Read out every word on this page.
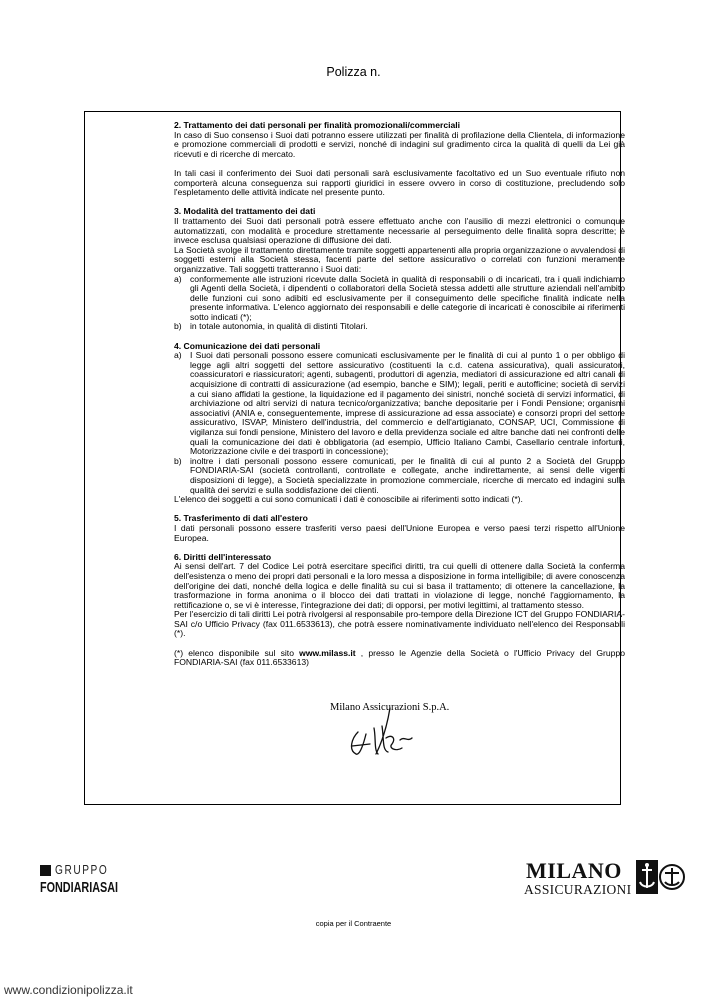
Polizza n.
2. Trattamento dei dati personali per finalità promozionali/commerciali
In caso di Suo consenso i Suoi dati potranno essere utilizzati per finalità di profilazione della Clientela, di informazione e promozione commerciali di prodotti e servizi, nonché di indagini sul gradimento circa la qualità di quelli da Lei già ricevuti e di ricerche di mercato.
In tali casi il conferimento dei Suoi dati personali sarà esclusivamente facoltativo ed un Suo eventuale rifiuto non comporterà alcuna conseguenza sui rapporti giuridici in essere ovvero in corso di costituzione, precludendo solo l'espletamento delle attività indicate nel presente punto.
3. Modalità del trattamento dei dati
Il trattamento dei Suoi dati personali potrà essere effettuato anche con l'ausilio di mezzi elettronici o comunque automatizzati, con modalità e procedure strettamente necessarie al perseguimento delle finalità sopra descritte; è invece esclusa qualsiasi operazione di diffusione dei dati.
La Società svolge il trattamento direttamente tramite soggetti appartenenti alla propria organizzazione o avvalendosi di soggetti esterni alla Società stessa, facenti parte del settore assicurativo o correlati con funzioni meramente organizzative. Tali soggetti tratteranno i Suoi dati:
a) conformemente alle istruzioni ricevute dalla Società in qualità di responsabili o di incaricati, tra i quali indichiamo gli Agenti della Società, i dipendenti o collaboratori della Società stessa addetti alle strutture aziendali nell'ambito delle funzioni cui sono adibiti ed esclusivamente per il conseguimento delle specifiche finalità indicate nella presente informativa. L'elenco aggiornato dei responsabili e delle categorie di incaricati è conoscibile ai riferimenti sotto indicati (*);
b) in totale autonomia, in qualità di distinti Titolari.
4. Comunicazione dei dati personali
a) I Suoi dati personali possono essere comunicati esclusivamente per le finalità di cui al punto 1 o per obbligo di legge agli altri soggetti del settore assicurativo (costituenti la c.d. catena assicurativa), quali assicuratori, coassicuratori e riassicuratori; agenti, subagenti, produttori di agenzia, mediatori di assicurazione ed altri canali di acquisizione di contratti di assicurazione (ad esempio, banche e SIM); legali, periti e autofficine; società di servizi a cui siano affidati la gestione, la liquidazione ed il pagamento dei sinistri, nonché società di servizi informatici, di archiviazione od altri servizi di natura tecnico/organizzativa; banche depositarie per i Fondi Pensione; organismi associativi (ANIA e, conseguentemente, imprese di assicurazione ad essa associate) e consorzi propri del settore assicurativo, ISVAP, Ministero dell'industria, del commercio e dell'artigianato, CONSAP, UCI, Commissione di vigilanza sui fondi pensione, Ministero del lavoro e della previdenza sociale ed altre banche dati nei confronti delle quali la comunicazione dei dati è obbligatoria (ad esempio, Ufficio Italiano Cambi, Casellario centrale infortuni, Motorizzazione civile e dei trasporti in concessione);
b) inoltre i dati personali possono essere comunicati, per le finalità di cui al punto 2 a Società del Gruppo FONDIARIA-SAI (società controllanti, controllate e collegate, anche indirettamente, ai sensi delle vigenti disposizioni di legge), a Società specializzate in promozione commerciale, ricerche di mercato ed indagini sulla qualità dei servizi e sulla soddisfazione dei clienti.
L'elenco dei soggetti a cui sono comunicati i dati è conoscibile ai riferimenti sotto indicati (*).
5. Trasferimento di dati all'estero
I dati personali possono essere trasferiti verso paesi dell'Unione Europea e verso paesi terzi rispetto all'Unione Europea.
6. Diritti dell'interessato
Ai sensi dell'art. 7 del Codice Lei potrà esercitare specifici diritti, tra cui quelli di ottenere dalla Società la conferma dell'esistenza o meno dei propri dati personali e la loro messa a disposizione in forma intelligibile; di avere conoscenza dell'origine dei dati, nonché della logica e delle finalità su cui si basa il trattamento; di ottenere la cancellazione, la trasformazione in forma anonima o il blocco dei dati trattati in violazione di legge, nonché l'aggiornamento, la rettificazione o, se vi è interesse, l'integrazione dei dati; di opporsi, per motivi legittimi, al trattamento stesso.
Per l'esercizio di tali diritti Lei potrà rivolgersi al responsabile pro-tempore della Direzione ICT del Gruppo FONDIARIA-SAI c/o Ufficio Privacy (fax 011.6533613), che potrà essere nominativamente individuato nell'elenco dei Responsabili (*).
(*) elenco disponibile sul sito www.milass.it , presso le Agenzie della Società o l'Ufficio Privacy del Gruppo FONDIARIA-SAI (fax 011.6533613)
Milano Assicurazioni S.p.A.
GRUPPO
FONDIARIASAI
MILANO
ASSICURAZIONI
copia per il Contraente
www.condizionipolizza.it
